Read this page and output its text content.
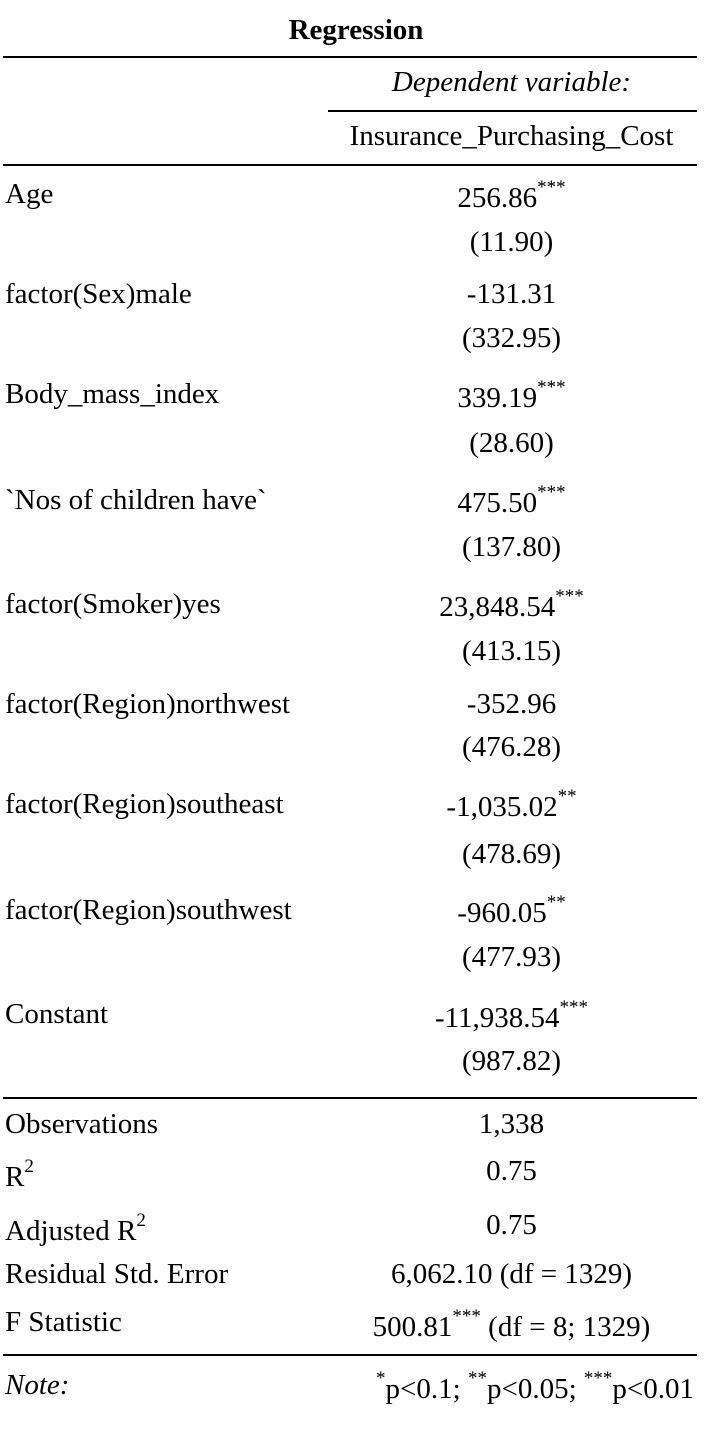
Regression
Dependent variable:
Insurance_Purchasing_Cost
Age	256.86***
(11.90)
factor(Sex)male	-131.31
(332.95)
Body_mass_index	339.19***
(28.60)
`Nos of children have`	475.50***
(137.80)
factor(Smoker)yes	23,848.54***
(413.15)
factor(Region)northwest	-352.96
(476.28)
factor(Region)southeast	-1,035.02**
(478.69)
factor(Region)southwest	-960.05**
(477.93)
Constant	-11,938.54***
(987.82)
Observations	1,338
$R^2$	0.75
Adjusted $R^2$	0.75
Residual Std. Error	6,062.10 (df = 1329)
F Statistic	500.81*** (df = 8; 1329)
Note:	*p<0.1; **p<0.05; ***p<0.01
